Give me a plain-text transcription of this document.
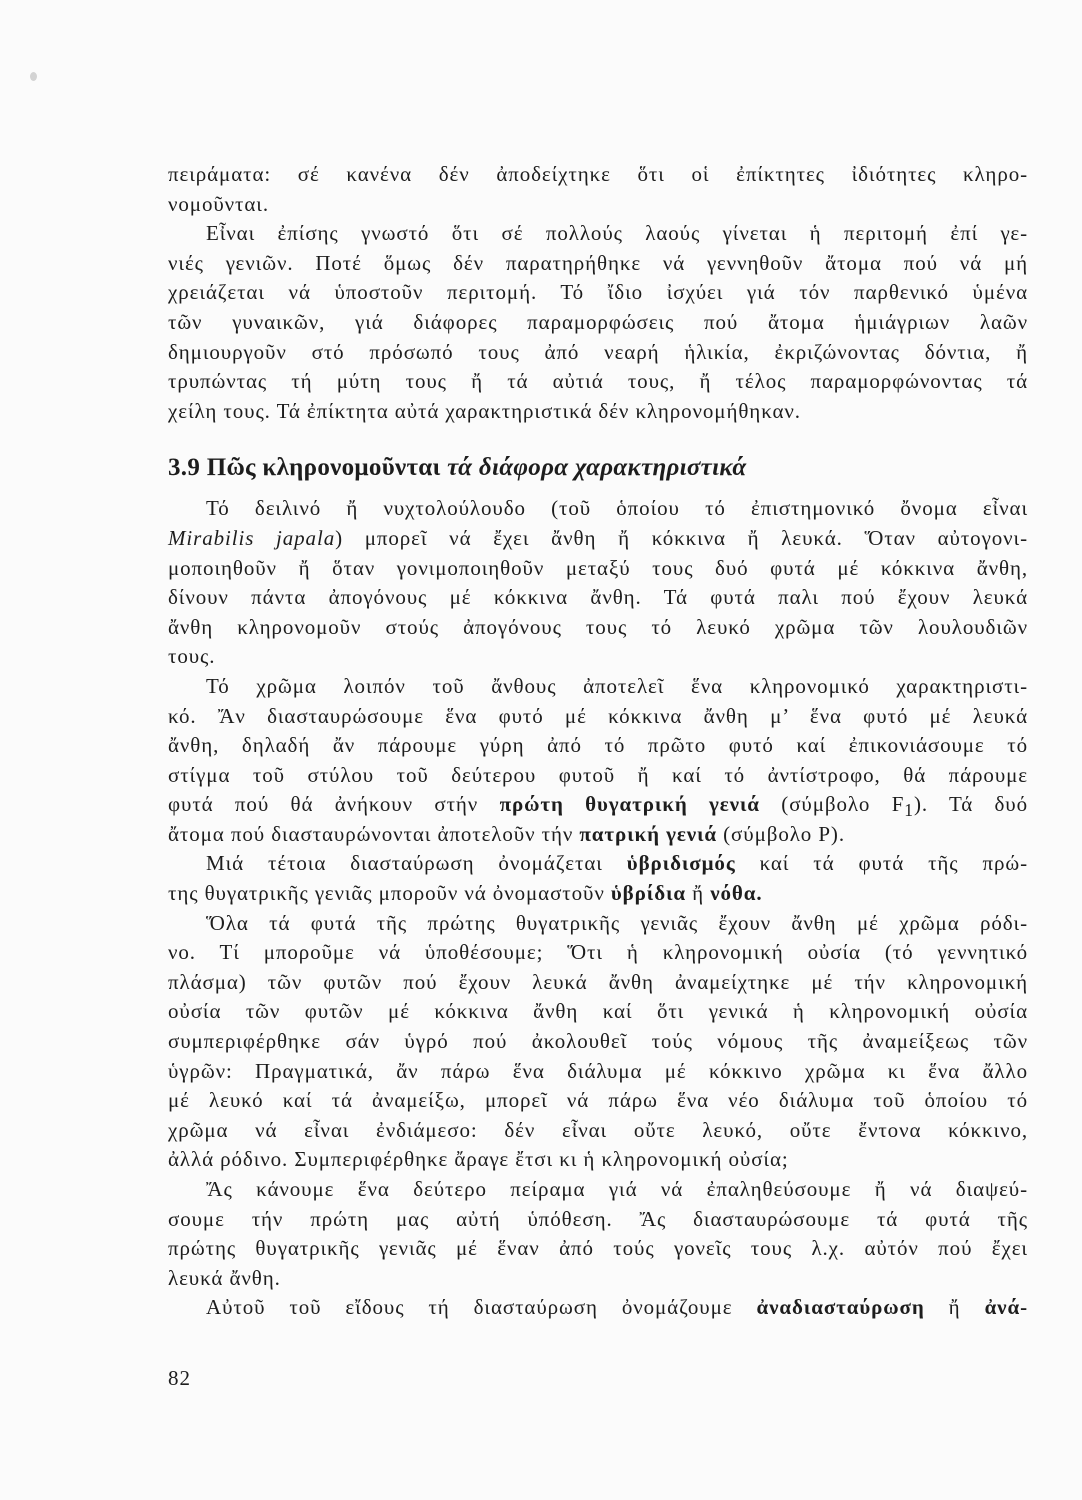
πειράματα: σέ κανένα δέν ἀποδείχτηκε ὅτι οἱ ἐπίκτητες ἰδιότητες κληρο-
νομοῦνται.
Εἶναι ἐπίσης γνωστό ὅτι σέ πολλούς λαούς γίνεται ἡ περιτομή ἐπί γε-
νιές γενιῶν. Ποτέ ὅμως δέν παρατηρήθηκε νά γεννηθοῦν ἄτομα πού νά μή
χρειάζεται νά ὑποστοῦν περιτομή. Τό ἴδιο ἰσχύει γιά τόν παρθενικό ὑμένα
τῶν γυναικῶν, γιά διάφορες παραμορφώσεις πού ἄτομα ἡμιάγριων λαῶν
δημιουργοῦν στό πρόσωπό τους ἀπό νεαρή ἡλικία, ἐκριζώνοντας δόντια, ἤ
τρυπώντας τή μύτη τους ἤ τά αὐτιά τους, ἤ τέλος παραμορφώνοντας τά
χείλη τους. Τά ἐπίκτητα αὐτά χαρακτηριστικά δέν κληρονομήθηκαν.
3.9 Πῶς κληρονομοῦνται τά διάφορα χαρακτηριστικά
Τό δειλινό ἤ νυχτολούλουδο (τοῦ ὁποίου τό ἐπιστημονικό ὄνομα εἶναι
Mirabilis japala) μπορεῖ νά ἔχει ἄνθη ἤ κόκκινα ἤ λευκά. Ὅταν αὐτογονι-
μοποιηθοῦν ἤ ὅταν γονιμοποιηθοῦν μεταξύ τους δυό φυτά μέ κόκκινα ἄνθη,
δίνουν πάντα ἀπογόνους μέ κόκκινα ἄνθη. Τά φυτά παλι πού ἔχουν λευκά
ἄνθη κληρονομοῦν στούς ἀπογόνους τους τό λευκό χρῶμα τῶν λουλουδιῶν
τους.
Τό χρῶμα λοιπόν τοῦ ἄνθους ἀποτελεῖ ἕνα κληρονομικό χαρακτηριστι-
κό. Ἄν διασταυρώσουμε ἕνα φυτό μέ κόκκινα ἄνθη μ’ ἕνα φυτό μέ λευκά
ἄνθη, δηλαδή ἄν πάρουμε γύρη ἀπό τό πρῶτο φυτό καί ἐπικονιάσουμε τό
στίγμα τοῦ στύλου τοῦ δεύτερου φυτοῦ ἤ καί τό ἀντίστροφο, θά πάρουμε
φυτά πού θά ἀνήκουν στήν πρώτη θυγατρική γενιά (σύμβολο $F_1$). Τά δυό
ἄτομα πού διασταυρώνονται ἀποτελοῦν τήν πατρική γενιά (σύμβολο P).
Μιά τέτοια διασταύρωση ὀνομάζεται ὑβριδισμός καί τά φυτά τῆς πρώ-
της θυγατρικῆς γενιᾶς μποροῦν νά ὀνομαστοῦν ὑβρίδια ἤ νόθα.
Ὅλα τά φυτά τῆς πρώτης θυγατρικῆς γενιᾶς ἔχουν ἄνθη μέ χρῶμα ρόδι-
νο. Τί μποροῦμε νά ὑποθέσουμε; Ὅτι ἡ κληρονομική οὐσία (τό γεννητικό
πλάσμα) τῶν φυτῶν πού ἔχουν λευκά ἄνθη ἀναμείχτηκε μέ τήν κληρονομική
οὐσία τῶν φυτῶν μέ κόκκινα ἄνθη καί ὅτι γενικά ἡ κληρονομική οὐσία
συμπεριφέρθηκε σάν ὑγρό πού ἀκολουθεῖ τούς νόμους τῆς ἀναμείξεως τῶν
ὑγρῶν: Πραγματικά, ἄν πάρω ἕνα διάλυμα μέ κόκκινο χρῶμα κι ἕνα ἄλλο
μέ λευκό καί τά ἀναμείξω, μπορεῖ νά πάρω ἕνα νέο διάλυμα τοῦ ὁποίου τό
χρῶμα νά εἶναι ἐνδιάμεσο: δέν εἶναι οὔτε λευκό, οὔτε ἔντονα κόκκινο,
ἀλλά ρόδινο. Συμπεριφέρθηκε ἄραγε ἔτσι κι ἡ κληρονομική οὐσία;
Ἄς κάνουμε ἕνα δεύτερο πείραμα γιά νά ἐπαληθεύσουμε ἤ νά διαψεύ-
σουμε τήν πρώτη μας αὐτή ὑπόθεση. Ἄς διασταυρώσουμε τά φυτά τῆς
πρώτης θυγατρικῆς γενιᾶς μέ ἕναν ἀπό τούς γονεῖς τους λ.χ. αὐτόν πού ἔχει
λευκά ἄνθη.
Αὐτοῦ τοῦ εἴδους τή διασταύρωση ὀνομάζουμε ἀναδιασταύρωση ἤ ἀνά-
82
